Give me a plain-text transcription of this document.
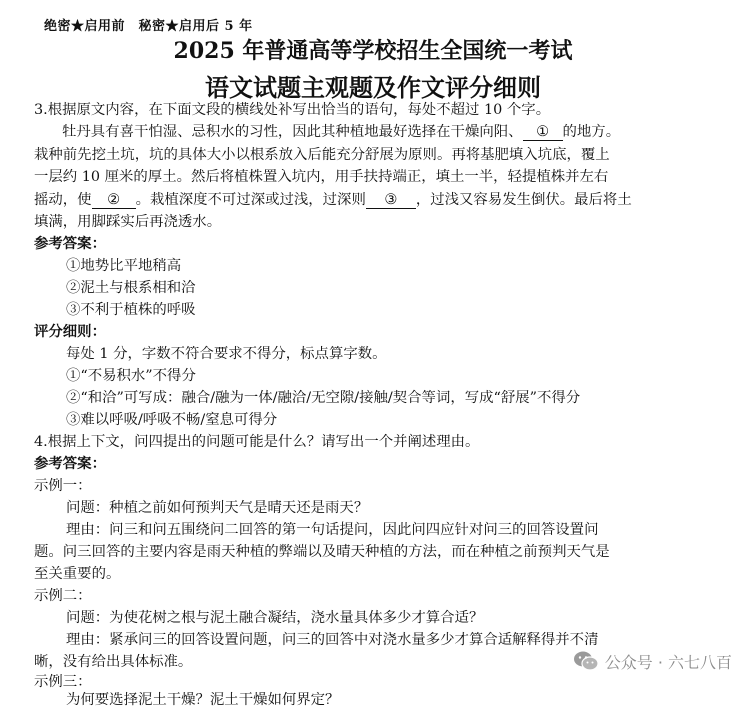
绝密★启用前　秘密★启用后 5 年
2025 年普通高等学校招生全国统一考试
语文试题主观题及作文评分细则
3.根据原文内容，在下面文段的横线处补写出恰当的语句，每处不超过 10 个字。
牡丹具有喜干怕湿、忌积水的习性，因此其种植地最好选择在干燥向阳、 ① 的地方。
栽种前先挖土坑，坑的具体大小以根系放入后能充分舒展为原则。再将基肥填入坑底，覆上
一层约 10 厘米的厚土。然后将植株置入坑内，用手扶持端正，填土一半，轻提植株并左右
摇动，使 ② 。栽植深度不可过深或过浅，过深则 ③ ，过浅又容易发生倒伏。最后将土
填满，用脚踩实后再浇透水。
参考答案：
①地势比平地稍高
②泥土与根系相和洽
③不利于植株的呼吸
评分细则：
每处 1 分，字数不符合要求不得分，标点算字数。
①“不易积水”不得分
②“和洽”可写成：融合/融为一体/融洽/无空隙/接触/契合等词，写成“舒展”不得分
③难以呼吸/呼吸不畅/窒息可得分
4.根据上下文，问四提出的问题可能是什么？请写出一个并阐述理由。
参考答案：
示例一：
问题：种植之前如何预判天气是晴天还是雨天？
理由：问三和问五围绕问二回答的第一句话提问，因此问四应针对问三的回答设置问
题。问三回答的主要内容是雨天种植的弊端以及晴天种植的方法，而在种植之前预判天气是
至关重要的。
示例二：
问题：为使花树之根与泥土融合凝结，浇水量具体多少才算合适？
理由：紧承问三的回答设置问题，问三的回答中对浇水量多少才算合适解释得并不清
晰，没有给出具体标准。
示例三：
为何要选择泥土干燥？泥土干燥如何界定？
公众号 · 六七八百
